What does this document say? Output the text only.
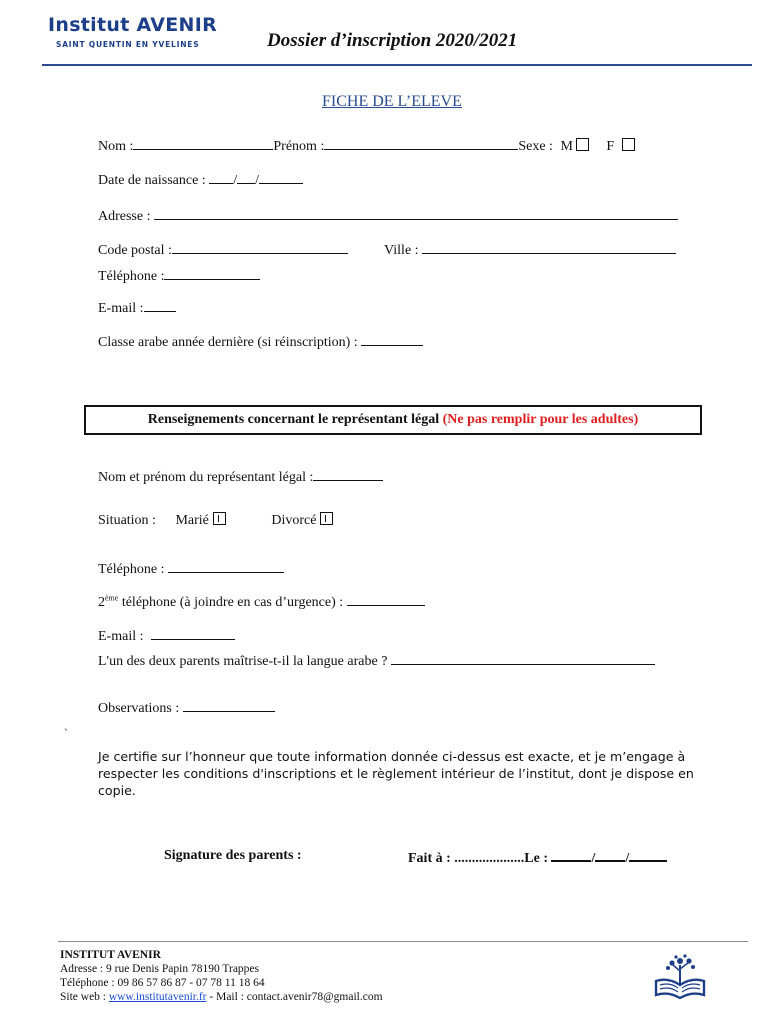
Institut AVENIR
SAINT QUENTIN EN YVELINES	Dossier d’inscription 2020/2021
FICHE DE L’ELEVE
Nom :	Prénom :	Sexe : M F
Date de naissance : / /
Adresse :
Code postal :	Ville :
Téléphone :
E-mail :
Classe arabe année dernière (si réinscription) :
Renseignements concernant le représentant légal (Ne pas remplir pour les adultes)
Nom et prénom du représentant légal :
Situation : Marié	Divorcé
Téléphone :
2ème téléphone (à joindre en cas d’urgence) :
E-mail :
L'un des deux parents maîtrise-t-il la langue arabe ?
Observations :
`
Je certifie sur l’honneur que toute information donnée ci-dessus est exacte, et je m’engage à respecter les conditions d'inscriptions et le règlement intérieur de l’institut, dont je dispose en copie.
Signature des parents :	Fait à : ....................Le :	/ /
INSTITUT AVENIR
Adresse : 9 rue Denis Papin 78190 Trappes
Téléphone : 09 86 57 86 87 - 07 78 11 18 64
Site web : www.institutavenir.fr - Mail : contact.avenir78@gmail.com
